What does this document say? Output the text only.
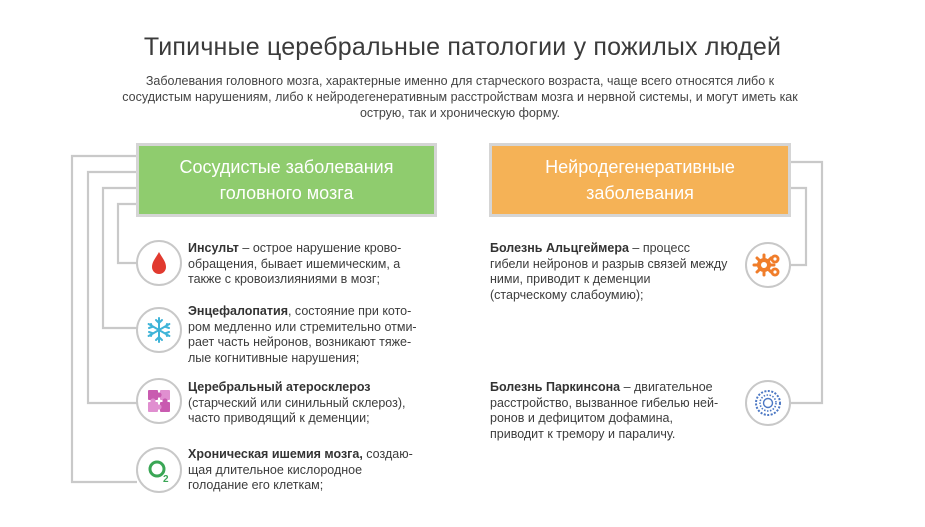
Типичные церебральные патологии у пожилых людей
Заболевания головного мозга, характерные именно для старческого возраста, чаще всего относятся либо к сосудистым нарушениям, либо к нейродегенеративным расстройствам мозга и нервной системы, и могут иметь как острую, так и хроническую форму.
Сосудистые заболевания
головного мозга
Нейродегенеративные
заболевания
2
Инсульт – острое нарушение крово-обращения, бывает ишемическим, а также с кровоизлияниями в мозг;
Энцефалопатия, состояние при кото-ром медленно или стремительно отми-рает часть нейронов, возникают тяже-лые когнитивные нарушения;
Церебральный атеросклероз (старческий или синильный склероз), часто приводящий к деменции;
Хроническая ишемия мозга, создаю-щая длительное кислородное голодание его клеткам;
Болезнь Альцгеймера – процесс гибели нейронов и разрыв связей между ними, приводит к деменции (старческому слабоумию);
Болезнь Паркинсона – двигательное расстройство, вызванное гибелью ней-ронов и дефицитом дофамина, приводит к тремору и параличу.
